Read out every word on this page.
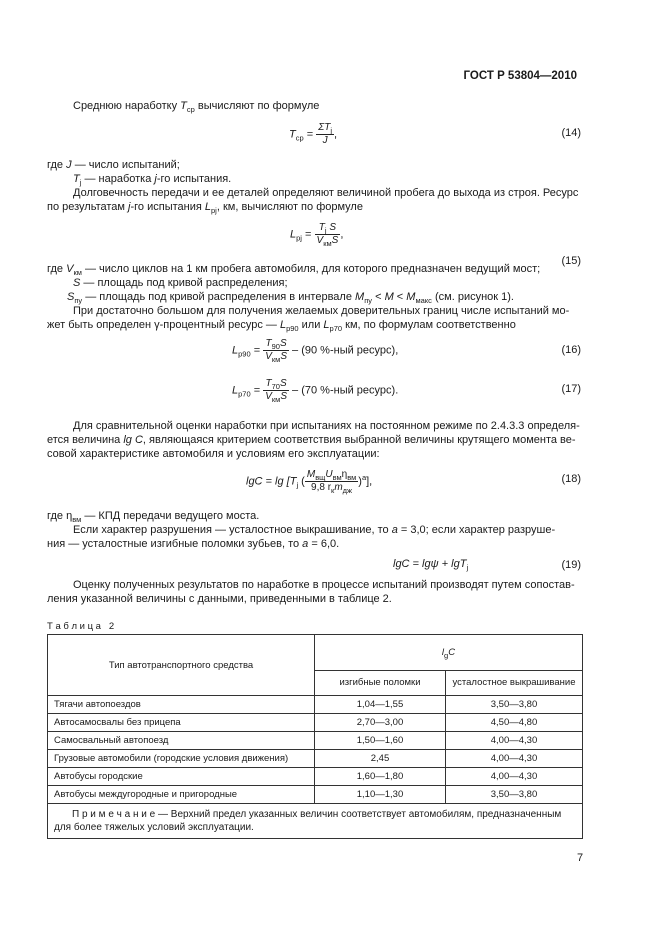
ГОСТ Р 53804—2010
Среднюю наработку $T_{ср}$ вычисляют по формуле
$T_{ср} = \frac{\Sigma T_j}{J}$ ,	(14)
где J — число испытаний;
$T_j$ — наработка j-го испытания.
Долговечность передачи и ее деталей определяют величиной пробега до выхода из строя. Ресурс
по результатам j-го испытания $L_{pj}$, км, вычисляют по формуле
$L_{pj} = \frac{T_j S}{V_{км}S}$ ,
(15)
где $V_{км}$ — число циклов на 1 км пробега автомобиля, для которого предназначен ведущий мост;
S — площадь под кривой распределения;
$S_{пу}$ — площадь под кривой распределения в интервале $M_{пу} < M < M_{макс}$ (см. рисунок 1).
При достаточно большом для получения желаемых доверительных границ числе испытаний мо-
жет быть определен γ-процентный ресурс — $L_{p90}$ или $L_{p70}$ км, по формулам соответственно
$L_{p90} = \frac{T_{90}S}{V_{км}S} - (90$ %-ный ресурс),	(16)
$L_{p70} = \frac{T_{70}S}{V_{км}S} - (70$ %-ный ресурс).	(17)
Для сравнительной оценки наработки при испытаниях на постоянном режиме по 2.4.3.3 определя-
ется величина lg C, являющаяся критерием соответствия выбранной величины крутящего момента ве-
совой характеристике автомобиля и условиям его эксплуатации:
$\lg C = \lg [T_j$ ( $\frac{M_{вщ}U_{вм}\eta_{вм}}{9,8 r_кm_{дж}} )^a$],	(18)
где $\eta_{вм}$ — КПД передачи ведущего моста.
Если характер разрушения — усталостное выкрашивание, то a = 3,0; если характер разруше-
ния — усталостные изгибные поломки зубьев, то a = 6,0.
lgC = lgψ + lgT$_j$	(19)
Оценку полученных результатов по наработке в процессе испытаний производят путем сопостав-
ления указанной величины с данными, приведенными в таблице 2.
Т а б л и ц а   2
Тип автотранспортного средства	$l_gC$	
	изгибные поломки	усталостное выкрашивание
Тягачи автопоездов	1,04—1,55	3,50—3,80
Автосамосвалы без прицепа	2,70—3,00	4,50—4,80
Самосвальный автопоезд	1,50—1,60	4,00—4,30
Грузовые автомобили (городские условия движения)	2,45	4,00—4,30
Автобусы городские	1,60—1,80	4,00—4,30
Автобусы междугородные и пригородные	1,10—1,30	3,50—3,80
П р и м е ч а н и е — Верхний предел указанных величин соответствует автомобилям, предназначенным
для более тяжелых условий эксплуатации.		
7
